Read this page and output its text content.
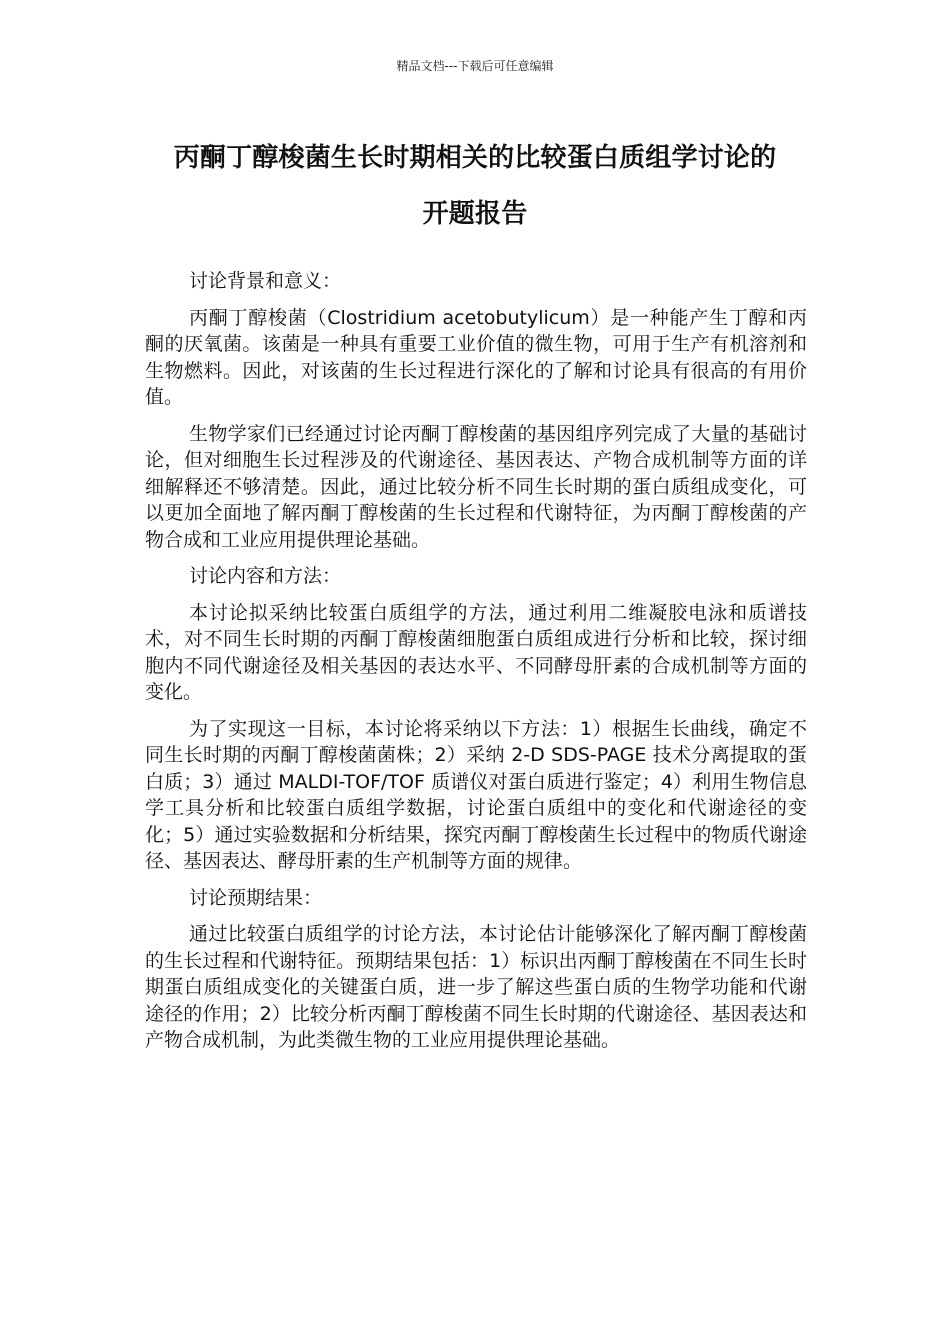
精品文档---下载后可任意编辑
丙酮丁醇梭菌生长时期相关的比较蛋白质组学讨论的
开题报告

讨论背景和意义：

丙酮丁醇梭菌（Clostridium acetobutylicum）是一种能产生丁醇和丙酮的厌氧菌。该菌是一种具有重要工业价值的微生物，可用于生产有机溶剂和生物燃料。因此，对该菌的生长过程进行深化的了解和讨论具有很高的有用价值。

生物学家们已经通过讨论丙酮丁醇梭菌的基因组序列完成了大量的基础讨论，但对细胞生长过程涉及的代谢途径、基因表达、产物合成机制等方面的详细解释还不够清楚。因此，通过比较分析不同生长时期的蛋白质组成变化，可以更加全面地了解丙酮丁醇梭菌的生长过程和代谢特征，为丙酮丁醇梭菌的产物合成和工业应用提供理论基础。

讨论内容和方法：

本讨论拟采纳比较蛋白质组学的方法，通过利用二维凝胶电泳和质谱技术，对不同生长时期的丙酮丁醇梭菌细胞蛋白质组成进行分析和比较，探讨细胞内不同代谢途径及相关基因的表达水平、不同酵母肝素的合成机制等方面的变化。

为了实现这一目标，本讨论将采纳以下方法：1）根据生长曲线，确定不同生长时期的丙酮丁醇梭菌菌株；2）采纳 2-D SDS-PAGE 技术分离提取的蛋白质；3）通过 MALDI-TOF/TOF 质谱仪对蛋白质进行鉴定；4）利用生物信息学工具分析和比较蛋白质组学数据，讨论蛋白质组中的变化和代谢途径的变化；5）通过实验数据和分析结果，探究丙酮丁醇梭菌生长过程中的物质代谢途径、基因表达、酵母肝素的生产机制等方面的规律。

讨论预期结果：

通过比较蛋白质组学的讨论方法，本讨论估计能够深化了解丙酮丁醇梭菌的生长过程和代谢特征。预期结果包括：1）标识出丙酮丁醇梭菌在不同生长时期蛋白质组成变化的关键蛋白质，进一步了解这些蛋白质的生物学功能和代谢途径的作用；2）比较分析丙酮丁醇梭菌不同生长时期的代谢途径、基因表达和产物合成机制，为此类微生物的工业应用提供理论基础。
